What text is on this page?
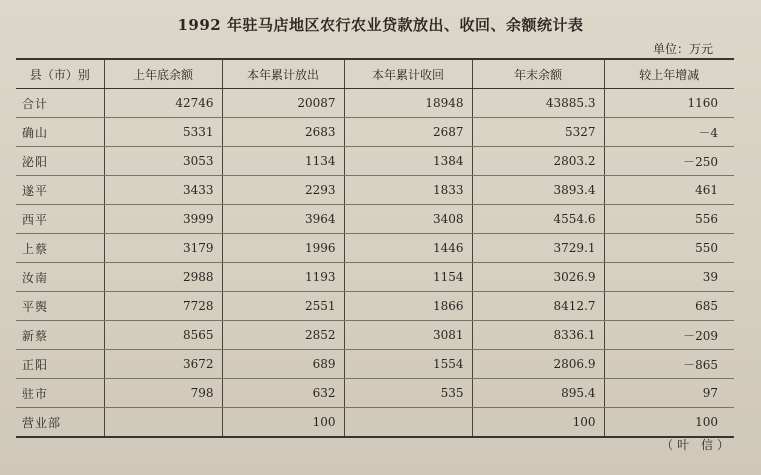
1992 年驻马店地区农行农业贷款放出、收回、余额统计表
单位：万元
县（市）别	上年底余额	本年累计放出	本年累计收回	年末余额	较上年增减
合计	42746	20087	18948	43885.3	1160
确山	5331	2683	2687	5327	－4
泌阳	3053	1134	1384	2803.2	－250
遂平	3433	2293	1833	3893.4	461
西平	3999	3964	3408	4554.6	556
上蔡	3179	1996	1446	3729.1	550
汝南	2988	1193	1154	3026.9	39
平舆	7728	2551	1866	8412.7	685
新蔡	8565	2852	3081	8336.1	－209
正阳	3672	689	1554	2806.9	－865
驻市	798	632	535	895.4	97
营业部		100		100	100
（叶 信）
